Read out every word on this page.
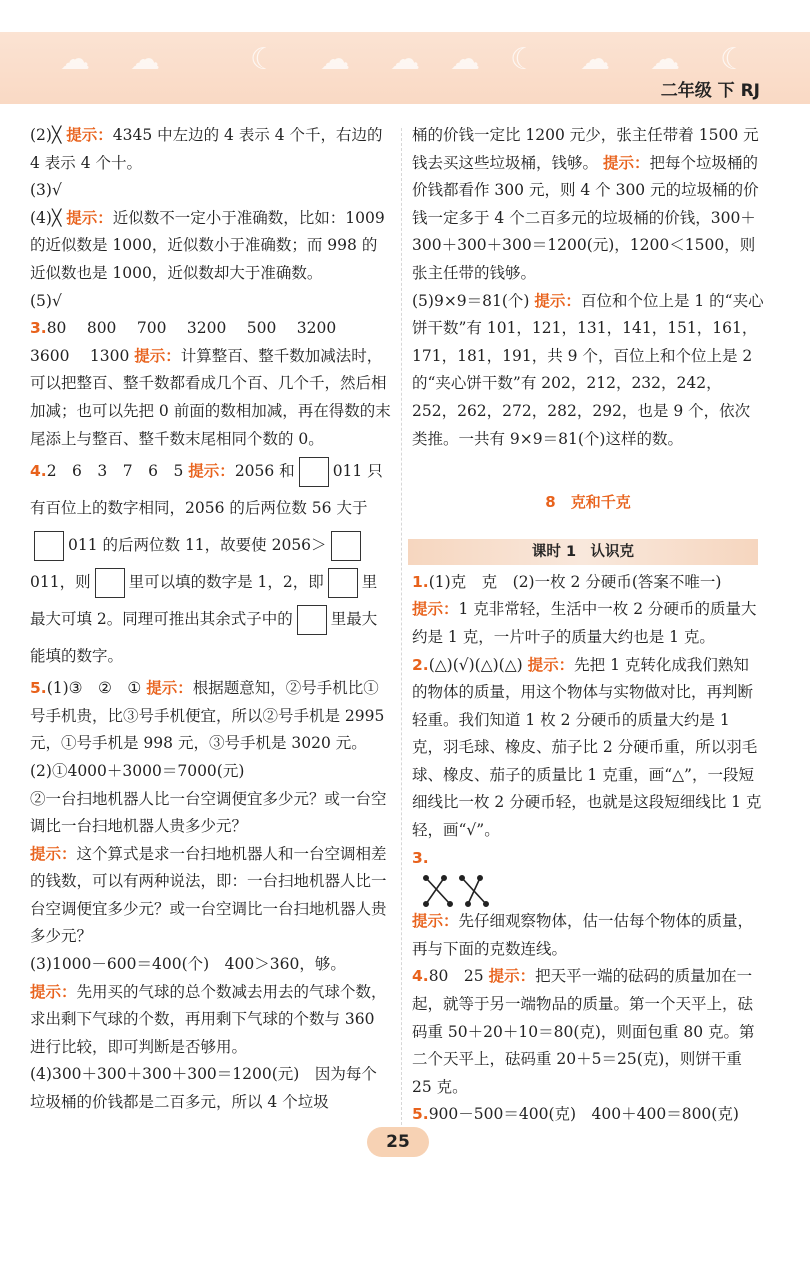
☁ ☁	☾ ☁ ☁ ☁ ☾ ☁ ☁ ☾
二年级 下 RJ

(2)╳ 提示：4345 中左边的 4 表示 4 个千，右边的 4 表示 4 个十。

(3)√

(4)╳ 提示：近似数不一定小于准确数，比如：1009 的近似数是 1000，近似数小于准确数；而 998 的近似数也是 1000，近似数却大于准确数。

(5)√

3.80　 800　 700　 3200　 500　 3200　 3600　 1300 提示：计算整百、整千数加减法时，可以把整百、整千数都看成几个百、几个千，然后相加减；也可以先把 0 前面的数相加减，再在得数的末尾添上与整百、整千数末尾相同个数的 0。

4.2　6　3　7　6　5 提示：2056 和 011 只有百位上的数字相同，2056 的后两位数 56 大于011 的后两位数 11，故要使 2056＞011，则 里可以填的数字是 1，2，即 里最大可填 2。同理可推出其余式子中的 里最大能填的数字。

5.(1)③　②　① 提示：根据题意知，②号手机比①号手机贵，比③号手机便宜，所以②号手机是 2995 元，①号手机是 998 元，③号手机是 3020 元。

(2)①4000＋3000＝7000(元)

②一台扫地机器人比一台空调便宜多少元？或一台空调比一台扫地机器人贵多少元？

提示：这个算式是求一台扫地机器人和一台空调相差的钱数，可以有两种说法，即：一台扫地机器人比一台空调便宜多少元？或一台空调比一台扫地机器人贵多少元？

(3)1000－600＝400(个)　400＞360，够。

提示：先用买的气球的总个数减去用去的气球个数，求出剩下气球的个数，再用剩下气球的个数与 360 进行比较，即可判断是否够用。

(4)300＋300＋300＋300＝1200(元)　因为每个垃圾桶的价钱都是二百多元，所以 4 个垃圾

桶的价钱一定比 1200 元少，张主任带着 1500 元钱去买这些垃圾桶，钱够。 提示：把每个垃圾桶的价钱都看作 300 元，则 4 个 300 元的垃圾桶的价钱一定多于 4 个二百多元的垃圾桶的价钱，300＋300＋300＋300＝1200(元)，1200＜1500，则张主任带的钱够。

(5)9×9＝81(个) 提示：百位和个位上是 1 的“夹心饼干数”有 101，121，131，141，151，161，171，181，191，共 9 个，百位上和个位上是 2 的“夹心饼干数”有 202，212，232，242，252，262，272，282，292，也是 9 个，依次类推。一共有 9×9＝81(个)这样的数。

8　克和千克
课时 1　认识克

1.(1)克　克　(2)一枚 2 分硬币(答案不唯一)

提示：1 克非常轻，生活中一枚 2 分硬币的质量大约是 1 克，一片叶子的质量大约也是 1 克。

2.(△)(√)(△)(△) 提示：先把 1 克转化成我们熟知的物体的质量，用这个物体与实物做对比，再判断轻重。我们知道 1 枚 2 分硬币的质量大约是 1 克，羽毛球、橡皮、茄子比 2 分硬币重，所以羽毛球、橡皮、茄子的质量比 1 克重，画“△”，一段短细线比一枚 2 分硬币轻，也就是这段短细线比 1 克轻，画“√”。

3.

提示：先仔细观察物体，估一估每个物体的质量，再与下面的克数连线。

4.80　25 提示：把天平一端的砝码的质量加在一起，就等于另一端物品的质量。第一个天平上，砝码重 50＋20＋10＝80(克)，则面包重 80 克。第二个天平上，砝码重 20＋5＝25(克)，则饼干重 25 克。

5.900－500＝400(克)　400＋400＝800(克)

25
